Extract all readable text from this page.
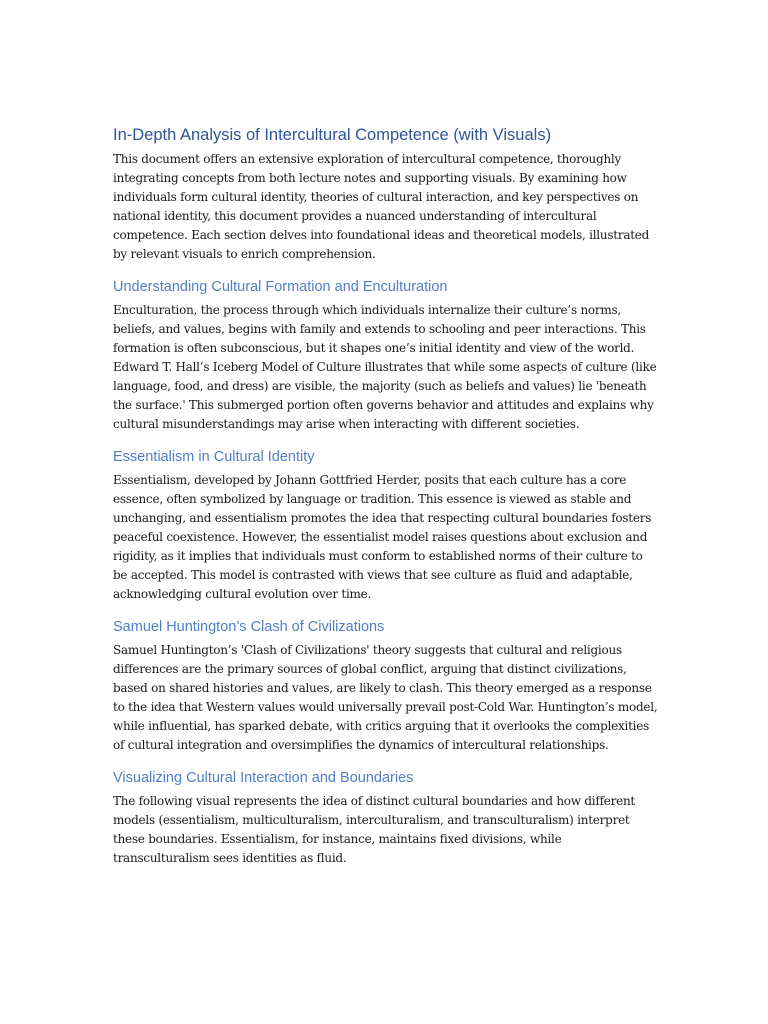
In-Depth Analysis of Intercultural Competence (with Visuals)

This document offers an extensive exploration of intercultural competence, thoroughly integrating concepts from both lecture notes and supporting visuals. By examining how individuals form cultural identity, theories of cultural interaction, and key perspectives on national identity, this document provides a nuanced understanding of intercultural competence. Each section delves into foundational ideas and theoretical models, illustrated by relevant visuals to enrich comprehension.

Understanding Cultural Formation and Enculturation

Enculturation, the process through which individuals internalize their culture’s norms, beliefs, and values, begins with family and extends to schooling and peer interactions. This formation is often subconscious, but it shapes one’s initial identity and view of the world. Edward T. Hall’s Iceberg Model of Culture illustrates that while some aspects of culture (like language, food, and dress) are visible, the majority (such as beliefs and values) lie 'beneath the surface.' This submerged portion often governs behavior and attitudes and explains why cultural misunderstandings may arise when interacting with different societies.

Essentialism in Cultural Identity

Essentialism, developed by Johann Gottfried Herder, posits that each culture has a core essence, often symbolized by language or tradition. This essence is viewed as stable and unchanging, and essentialism promotes the idea that respecting cultural boundaries fosters peaceful coexistence. However, the essentialist model raises questions about exclusion and rigidity, as it implies that individuals must conform to established norms of their culture to be accepted. This model is contrasted with views that see culture as fluid and adaptable, acknowledging cultural evolution over time.

Samuel Huntington’s Clash of Civilizations

Samuel Huntington’s 'Clash of Civilizations' theory suggests that cultural and religious differences are the primary sources of global conflict, arguing that distinct civilizations, based on shared histories and values, are likely to clash. This theory emerged as a response to the idea that Western values would universally prevail post-Cold War. Huntington’s model, while influential, has sparked debate, with critics arguing that it overlooks the complexities of cultural integration and oversimplifies the dynamics of intercultural relationships.

Visualizing Cultural Interaction and Boundaries

The following visual represents the idea of distinct cultural boundaries and how different models (essentialism, multiculturalism, interculturalism, and transculturalism) interpret these boundaries. Essentialism, for instance, maintains fixed divisions, while transculturalism sees identities as fluid.
